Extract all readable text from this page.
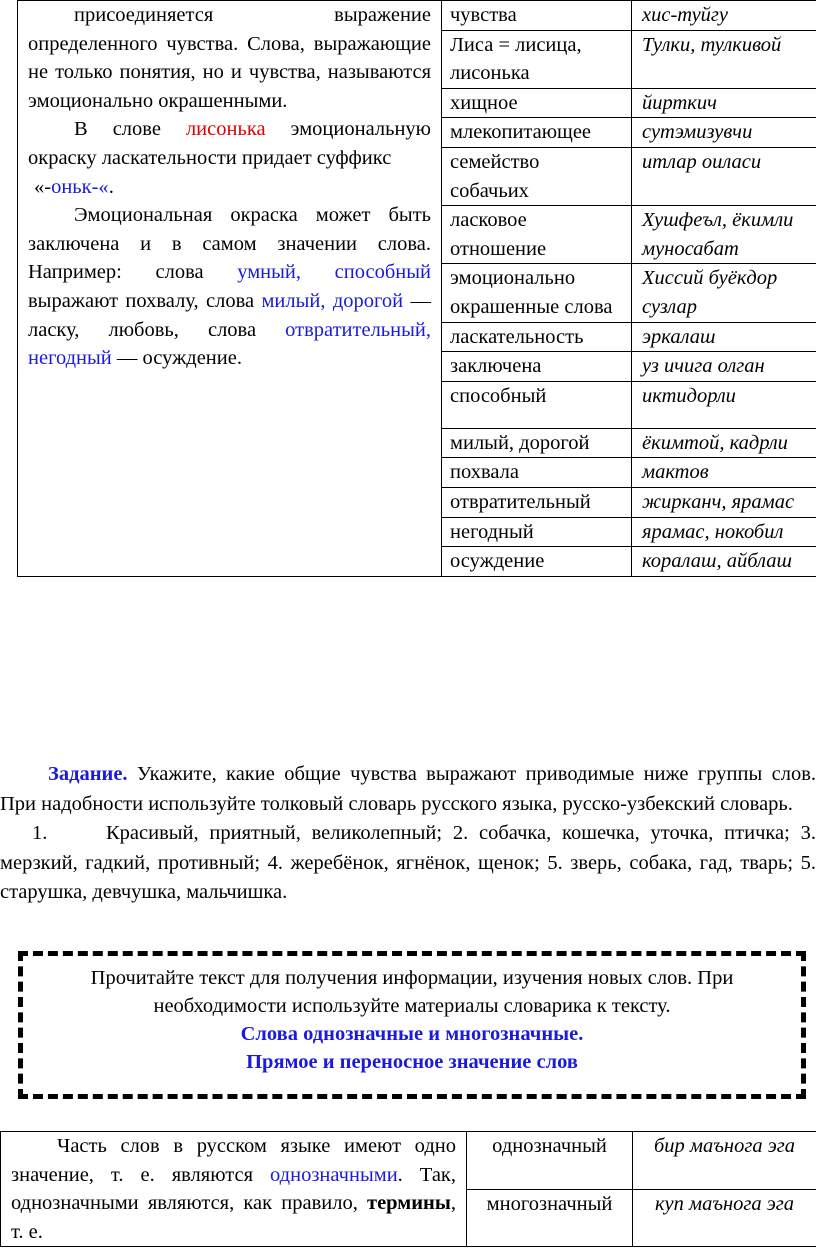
присоединяется выражение определенного чувства. Слова, выражающие не только понятия, но и чувства, называются эмоционально окрашенными.

В слове лисонька эмоциональную окраску ласкательности придает суффикс

«-оньк-«.

Эмоциональная окраска может быть заключена и в самом значении слова. Например: слова умный, способный выражают похвалу, слова милый, дорогой — ласку, любовь, слова отвратительный, негодный — осуждение.	чувства	хис-туйгу
	Лиса = лисица, лисонька	Тулки, тулкивой
	хищное	йирткич
	млекопитающее	сутэмизувчи
	семейство собачьих	итлар оиласи
	ласковое отношение	Хушфеъл, ёкимли муносабат
	эмоционально окрашенные слова	Хиссий буёкдор сузлар
	ласкательность	эркалаш
	заключена	уз ичига олган
	способный	иктидорли
	милый, дорогой	ёкимтой, кадрли
	похвала	мактов
	отвратительный	жиркaнч, ярамас
	негодный	ярамас, нокобил
	осуждение	коралаш, айблаш

Задание. Укажите, какие общие чувства выражают приводимые ниже группы слов. При надобности используйте толковый словарь русского языка, русско-узбекский словарь.

1.	Красивый, приятный, великолепный; 2. собачка, кошечка, уточка, птичка; 3. мерзкий, гадкий, противный; 4. жеребёнок, ягнёнок, щенок; 5. зверь, собака, гад, тварь; 5. старушка, девчушка, мальчишка.

Прочитайте текст для получения информации, изучения новых слов. При необходимости используйте материалы словарика к тексту.
Слова однозначные и многозначные.
Прямое и переносное значение слов

Часть слов в русском языке имеют одно значение, т. е. являются однозначными. Так, однозначными являются, как правило, термины, т. е.	однозначный	бир маънога эга
	многозначный	куп маънога эга
